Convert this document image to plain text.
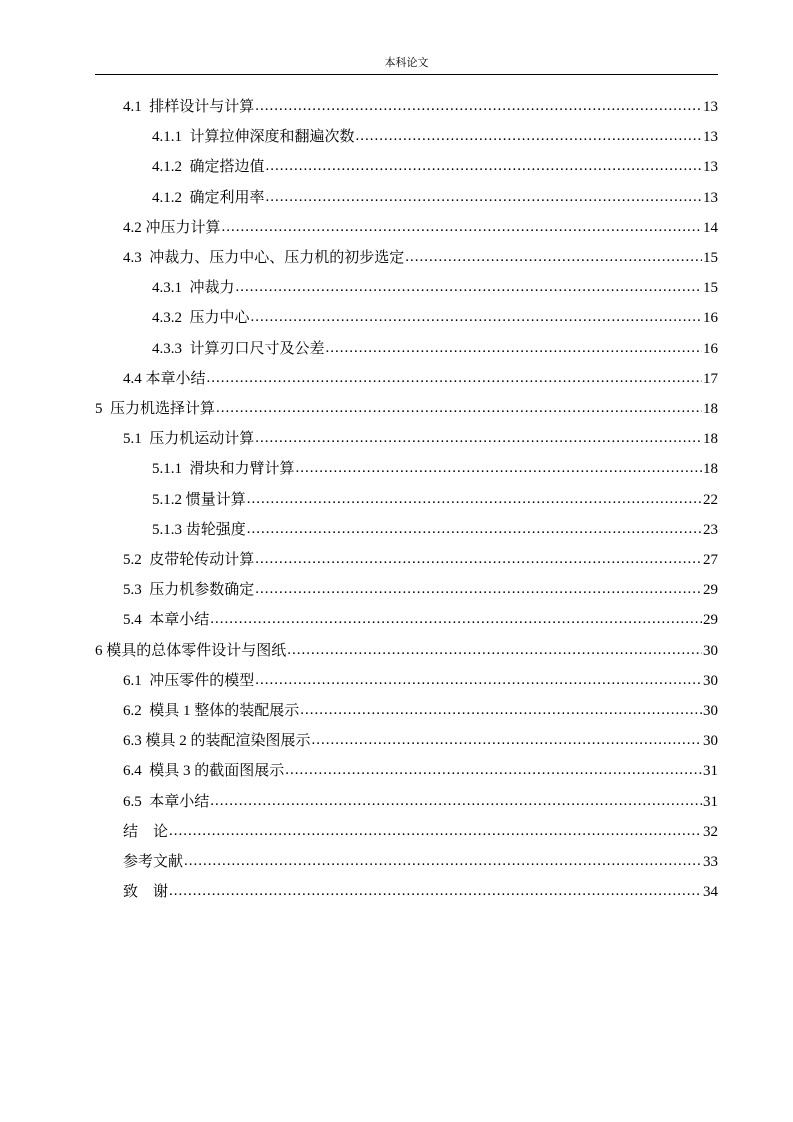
本科论文
4.1  排样设计与计算 .....	13
4.1.1  计算拉伸深度和翻遍次数 .....	13
4.1.2  确定搭边值 .....	13
4.1.2  确定利用率 .....	13
4.2 冲压力计算 .....	14
4.3  冲裁力、压力中心、压力机的初步选定 .....	15
4.3.1  冲裁力 .....	15
4.3.2  压力中心 .....	16
4.3.3  计算刃口尺寸及公差 .....	16
4.4 本章小结 .....	17
5  压力机选择计算 .....	18
5.1  压力机运动计算 .....	18
5.1.1  滑块和力臂计算 .....	18
5.1.2 惯量计算 .....	22
5.1.3 齿轮强度 .....	23
5.2  皮带轮传动计算 .....	27
5.3  压力机参数确定 .....	29
5.4  本章小结 .....	29
6 模具的总体零件设计与图纸 .....	30
6.1  冲压零件的模型 .....	30
6.2  模具 1 整体的装配展示 .....	30
6.3 模具 2 的装配渲染图展示 .....	30
6.4  模具 3 的截面图展示 .....	31
6.5  本章小结 .....	31
结    论 .....	32
参考文献 .....	33
致    谢 .....	34
